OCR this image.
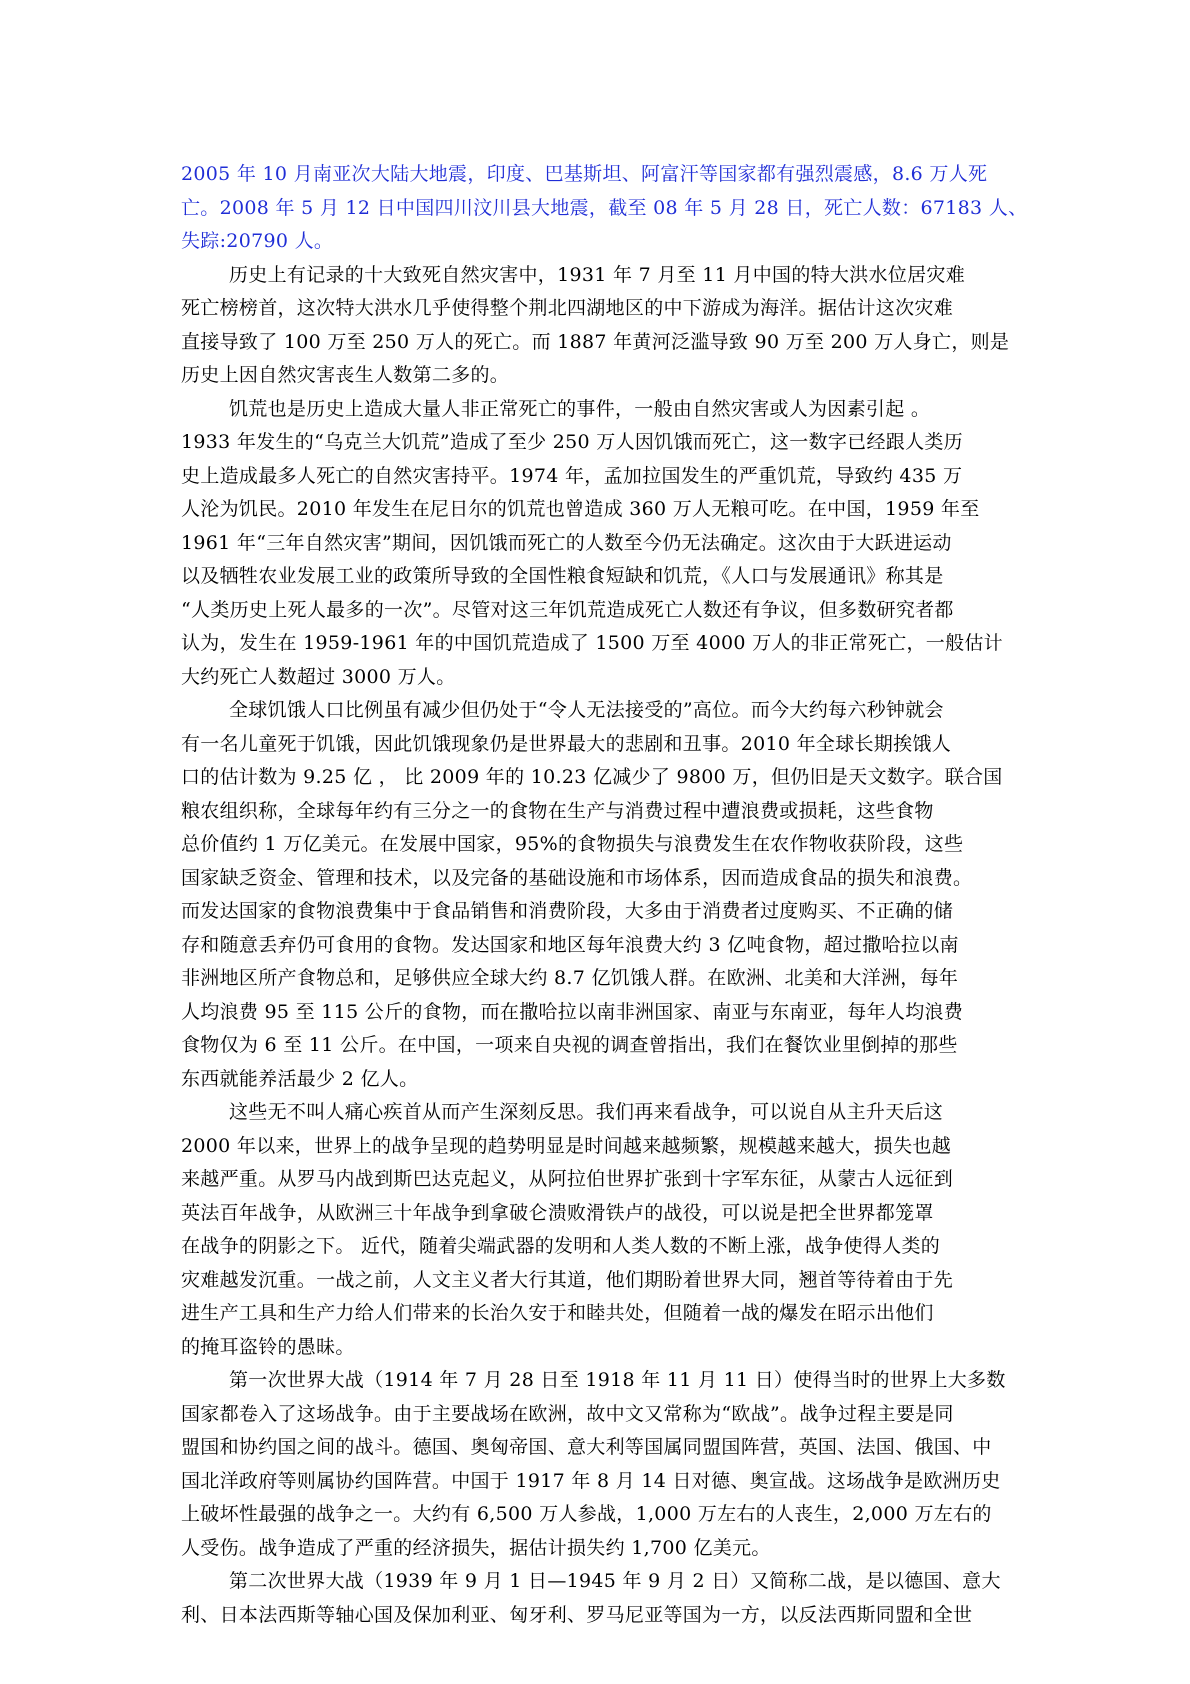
2005 年 10 月南亚次大陆大地震，印度、巴基斯坦、阿富汗等国家都有强烈震感，8.6 万人死
亡。2008 年 5 月 12 日中国四川汶川县大地震，截至 08 年 5 月 28 日，死亡人数：67183 人、
失踪:20790 人。

历史上有记录的十大致死自然灾害中，1931 年 7 月至 11 月中国的特大洪水位居灾难
死亡榜榜首，这次特大洪水几乎使得整个荆北四湖地区的中下游成为海洋。据估计这次灾难
直接导致了 100 万至 250 万人的死亡。而 1887 年黄河泛滥导致 90 万至 200 万人身亡，则是
历史上因自然灾害丧生人数第二多的。

饥荒也是历史上造成大量人非正常死亡的事件，一般由自然灾害或人为因素引起 。
1933 年发生的“乌克兰大饥荒”造成了至少 250 万人因饥饿而死亡，这一数字已经跟人类历
史上造成最多人死亡的自然灾害持平。1974 年，孟加拉国发生的严重饥荒，导致约 435 万
人沦为饥民。2010 年发生在尼日尔的饥荒也曾造成 360 万人无粮可吃。在中国，1959 年至
1961 年“三年自然灾害”期间，因饥饿而死亡的人数至今仍无法确定。这次由于大跃进运动
以及牺牲农业发展工业的政策所导致的全国性粮食短缺和饥荒，《人口与发展通讯》称其是
“人类历史上死人最多的一次”。尽管对这三年饥荒造成死亡人数还有争议，但多数研究者都
认为，发生在 1959-1961 年的中国饥荒造成了 1500 万至 4000 万人的非正常死亡，一般估计
大约死亡人数超过 3000 万人。

全球饥饿人口比例虽有减少但仍处于“令人无法接受的”高位。而今大约每六秒钟就会
有一名儿童死于饥饿，因此饥饿现象仍是世界最大的悲剧和丑事。2010 年全球长期挨饿人
口的估计数为 9.25 亿 ， 比 2009 年的 10.23 亿减少了 9800 万，但仍旧是天文数字。联合国
粮农组织称，全球每年约有三分之一的食物在生产与消费过程中遭浪费或损耗，这些食物
总价值约 1 万亿美元。在发展中国家，95%的食物损失与浪费发生在农作物收获阶段，这些
国家缺乏资金、管理和技术，以及完备的基础设施和市场体系，因而造成食品的损失和浪费。
而发达国家的食物浪费集中于食品销售和消费阶段，大多由于消费者过度购买、不正确的储
存和随意丢弃仍可食用的食物。发达国家和地区每年浪费大约 3 亿吨食物，超过撒哈拉以南
非洲地区所产食物总和，足够供应全球大约 8.7 亿饥饿人群。在欧洲、北美和大洋洲，每年
人均浪费 95 至 115 公斤的食物，而在撒哈拉以南非洲国家、南亚与东南亚，每年人均浪费
食物仅为 6 至 11 公斤。在中国，一项来自央视的调查曾指出，我们在餐饮业里倒掉的那些
东西就能养活最少 2 亿人。

这些无不叫人痛心疾首从而产生深刻反思。我们再来看战争，可以说自从主升天后这
2000 年以来，世界上的战争呈现的趋势明显是时间越来越频繁，规模越来越大，损失也越
来越严重。从罗马内战到斯巴达克起义，从阿拉伯世界扩张到十字军东征，从蒙古人远征到
英法百年战争，从欧洲三十年战争到拿破仑溃败滑铁卢的战役，可以说是把全世界都笼罩
在战争的阴影之下。 近代，随着尖端武器的发明和人类人数的不断上涨，战争使得人类的
灾难越发沉重。一战之前，人文主义者大行其道，他们期盼着世界大同，翘首等待着由于先
进生产工具和生产力给人们带来的长治久安于和睦共处，但随着一战的爆发在昭示出他们
的掩耳盗铃的愚昧。

第一次世界大战（1914 年 7 月 28 日至 1918 年 11 月 11 日）使得当时的世界上大多数
国家都卷入了这场战争。由于主要战场在欧洲，故中文又常称为“欧战”。战争过程主要是同
盟国和协约国之间的战斗。德国、奥匈帝国、意大利等国属同盟国阵营，英国、法国、俄国、中
国北洋政府等则属协约国阵营。中国于 1917 年 8 月 14 日对德、奥宣战。这场战争是欧洲历史
上破坏性最强的战争之一。大约有 6,500 万人参战，1,000 万左右的人丧生，2,000 万左右的
人受伤。战争造成了严重的经济损失，据估计损失约 1,700 亿美元。

第二次世界大战（1939 年 9 月 1 日—1945 年 9 月 2 日）又简称二战，是以德国、意大
利、日本法西斯等轴心国及保加利亚、匈牙利、罗马尼亚等国为一方，以反法西斯同盟和全世
